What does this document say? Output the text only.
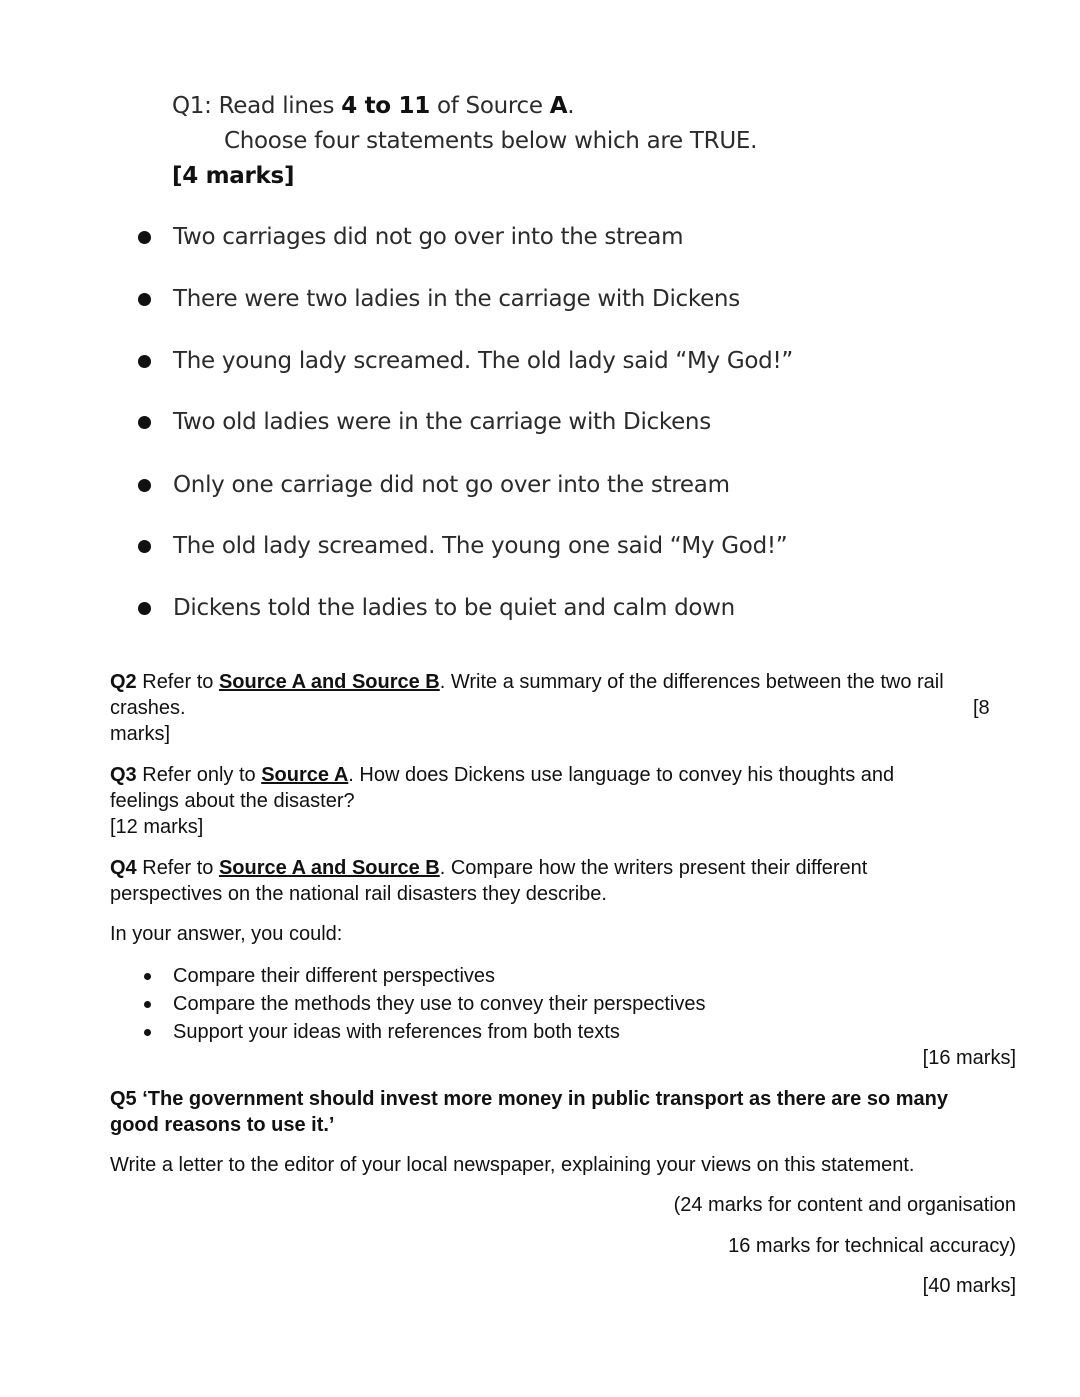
Q1: Read lines 4 to 11 of Source A.
Choose four statements below which are TRUE.
[4 marks]
Two carriages did not go over into the stream
There were two ladies in the carriage with Dickens
The young lady screamed. The old lady said “My God!”
Two old ladies were in the carriage with Dickens
Only one carriage did not go over into the stream
The old lady screamed. The young one said “My God!”
Dickens told the ladies to be quiet and calm down
Q2 Refer to Source A and Source B. Write a summary of the differences between the two rail
crashes.	[8
marks]
Q3 Refer only to Source A. How does Dickens use language to convey his thoughts and
feelings about the disaster?
[12 marks]
Q4 Refer to Source A and Source B. Compare how the writers present their different
perspectives on the national rail disasters they describe.
In your answer, you could:
Compare their different perspectives
Compare the methods they use to convey their perspectives
Support your ideas with references from both texts
[16 marks]
Q5 ‘The government should invest more money in public transport as there are so many
good reasons to use it.’
Write a letter to the editor of your local newspaper, explaining your views on this statement.
(24 marks for content and organisation
16 marks for technical accuracy)
[40 marks]
